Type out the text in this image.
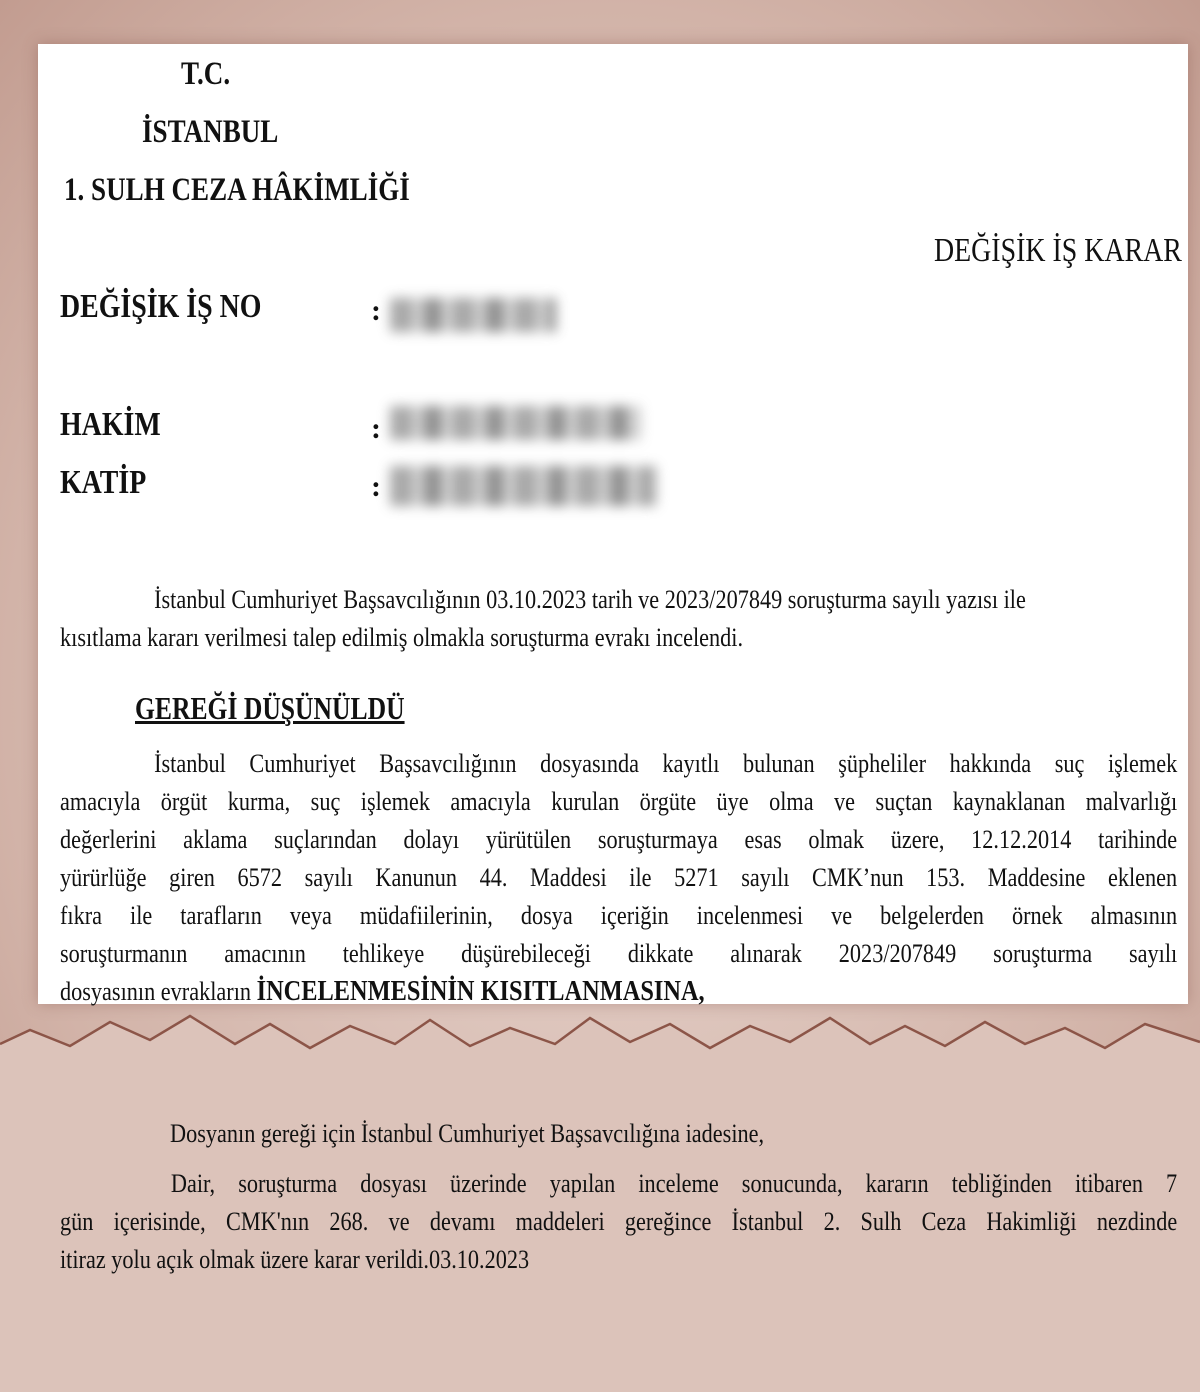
T.C.
İSTANBUL
1. SULH CEZA HÂKİMLİĞİ
DEĞİŞİK İŞ KARAR
DEĞİŞİK İŞ NO	:
HAKİM	:
KATİP	:
İstanbul Cumhuriyet Başsavcılığının 03.10.2023 tarih ve 2023/207849 soruşturma sayılı yazısı ile
kısıtlama kararı verilmesi talep edilmiş olmakla soruşturma evrakı incelendi.
GEREĞİ DÜŞÜNÜLDÜ
İstanbul Cumhuriyet Başsavcılığının dosyasında kayıtlı bulunan şüpheliler hakkında suç işlemek
amacıyla örgüt kurma, suç işlemek amacıyla kurulan örgüte üye olma ve suçtan kaynaklanan malvarlığı
değerlerini aklama suçlarından dolayı yürütülen soruşturmaya esas olmak üzere, 12.12.2014 tarihinde
yürürlüğe giren 6572 sayılı Kanunun 44. Maddesi ile 5271 sayılı CMK’nun 153. Maddesine eklenen
fıkra ile tarafların veya müdafiilerinin, dosya içeriğin incelenmesi ve belgelerden örnek almasının
soruşturmanın amacının tehlikeye düşürebileceği dikkate alınarak 2023/207849 soruşturma sayılı
dosyasının evrakların İNCELENMESİNİN KISITLANMASINA,
Dosyanın gereği için İstanbul Cumhuriyet Başsavcılığına iadesine,
Dair, soruşturma dosyası üzerinde yapılan inceleme sonucunda, kararın tebliğinden itibaren 7
gün içerisinde, CMK'nın 268. ve devamı maddeleri gereğince İstanbul 2. Sulh Ceza Hakimliği nezdinde
itiraz yolu açık olmak üzere karar verildi.03.10.2023
